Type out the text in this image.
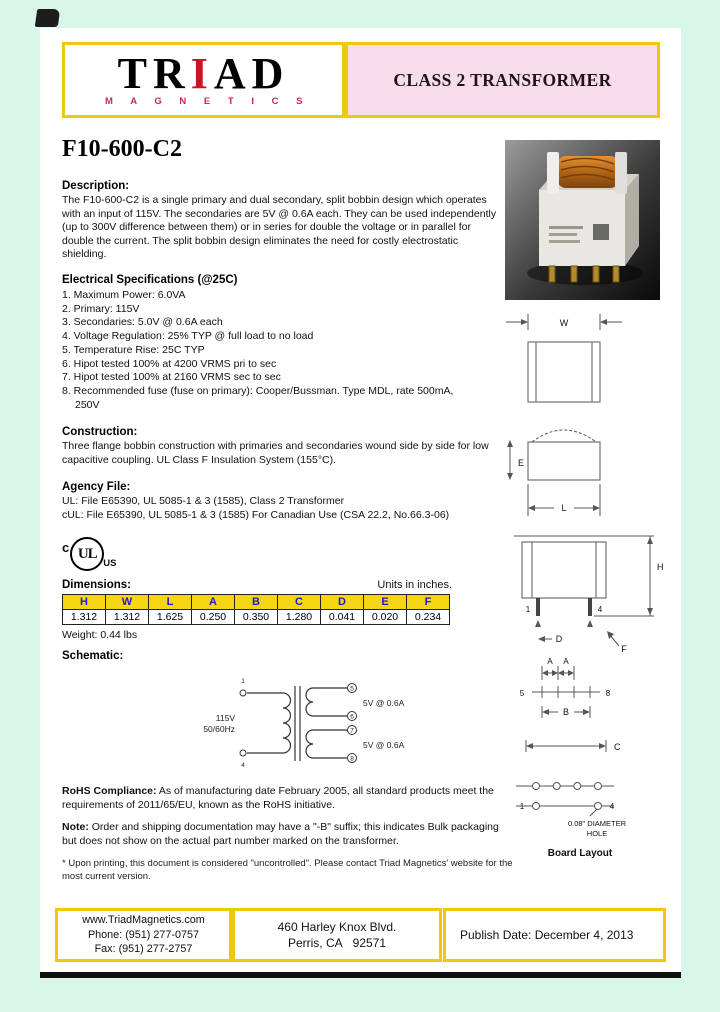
TRIAD
M A G N E T I C S
CLASS 2 TRANSFORMER
F10-600-C2
Description:
The F10-600-C2 is a single primary and dual secondary, split bobbin design which operates with an input of 115V. The secondaries are 5V @ 0.6A each. They can be used independently (up to 300V difference between them) or in series for double the voltage or in parallel for double the current. The split bobbin design eliminates the need for costly electrostatic shielding.
Electrical Specifications (@25C)
1. Maximum Power: 6.0VA
2. Primary: 115V
3. Secondaries: 5.0V @ 0.6A each
4. Voltage Regulation: 25% TYP @ full load to no load
5. Temperature Rise: 25C TYP
6. Hipot tested 100% at 4200 VRMS pri to sec
7. Hipot tested 100% at 2160 VRMS sec to sec
8. Recommended fuse (fuse on primary): Cooper/Bussman. Type MDL, rate 500mA, 250V
Construction:
Three flange bobbin construction with primaries and secondaries wound side by side for low capacitive coupling. UL Class F Insulation System (155°C).
Agency File:
UL: File E65390, UL 5085-1 & 3 (1585), Class 2 Transformer
cUL: File E65390, UL 5085-1 & 3 (1585) For Canadian Use (CSA 22.2, No.66.3-06)
c UL
US
Dimensions:	Units in inches.
H	W	L	A	B	C	D	E	F
1.312	1.312	1.625	0.250	0.350	1.280	0.041	0.020	0.234
Weight: 0.44 lbs
Schematic:
1
4
5
6
7
8
115V
50/60Hz
5V @ 0.6A
5V @ 0.6A
RoHS Compliance: As of manufacturing date February 2005, all standard products meet the requirements of 2011/65/EU, known as the RoHS initiative.
Note: Order and shipping documentation may have a "-B" suffix; this indicates Bulk packaging but does not show on the actual part number marked on the transformer.
* Upon printing, this document is considered "uncontrolled". Please contact Triad Magnetics' website for the most current version.
W
E
L
1	4
H
D
F
A A
5	8
B
C
1	4
0.08" DIAMETER
HOLE
Board Layout
www.TriadMagnetics.com
Phone: (951) 277-0757
Fax: (951) 277-2757
460 Harley Knox Blvd.
Perris, CA   92571
Publish Date: December 4, 2013
